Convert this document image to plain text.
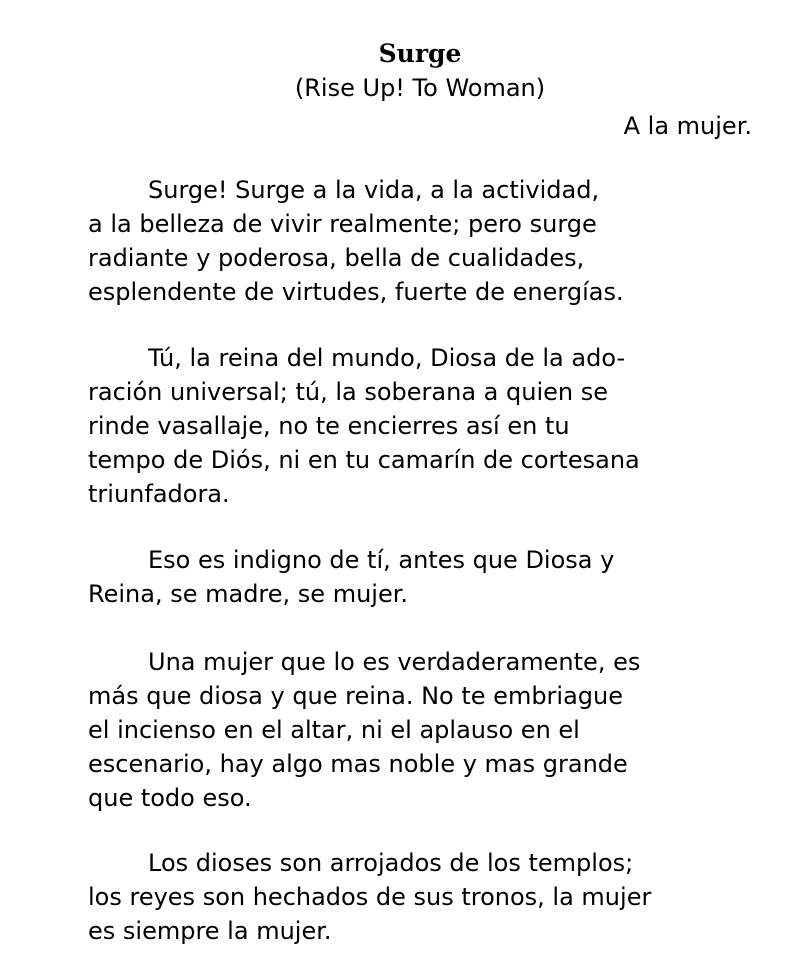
Surge
(Rise Up! To Woman)
A la mujer.

Surge! Surge a la vida, a la actividad,
a la belleza de vivir realmente; pero surge
radiante y poderosa, bella de cualidades,
esplendente de virtudes, fuerte de energías.

Tú, la reina del mundo, Diosa de la ado-
ración universal; tú, la soberana a quien se
rinde vasallaje, no te encierres así en tu
tempo de Diós, ni en tu camarín de cortesana
triunfadora.

Eso es indigno de tí, antes que Diosa y
Reina, se madre, se mujer.

Una mujer que lo es verdaderamente, es
más que diosa y que reina. No te embriague
el incienso en el altar, ni el aplauso en el
escenario, hay algo mas noble y mas grande
que todo eso.

Los dioses son arrojados de los templos;
los reyes son hechados de sus tronos, la mujer
es siempre la mujer.
